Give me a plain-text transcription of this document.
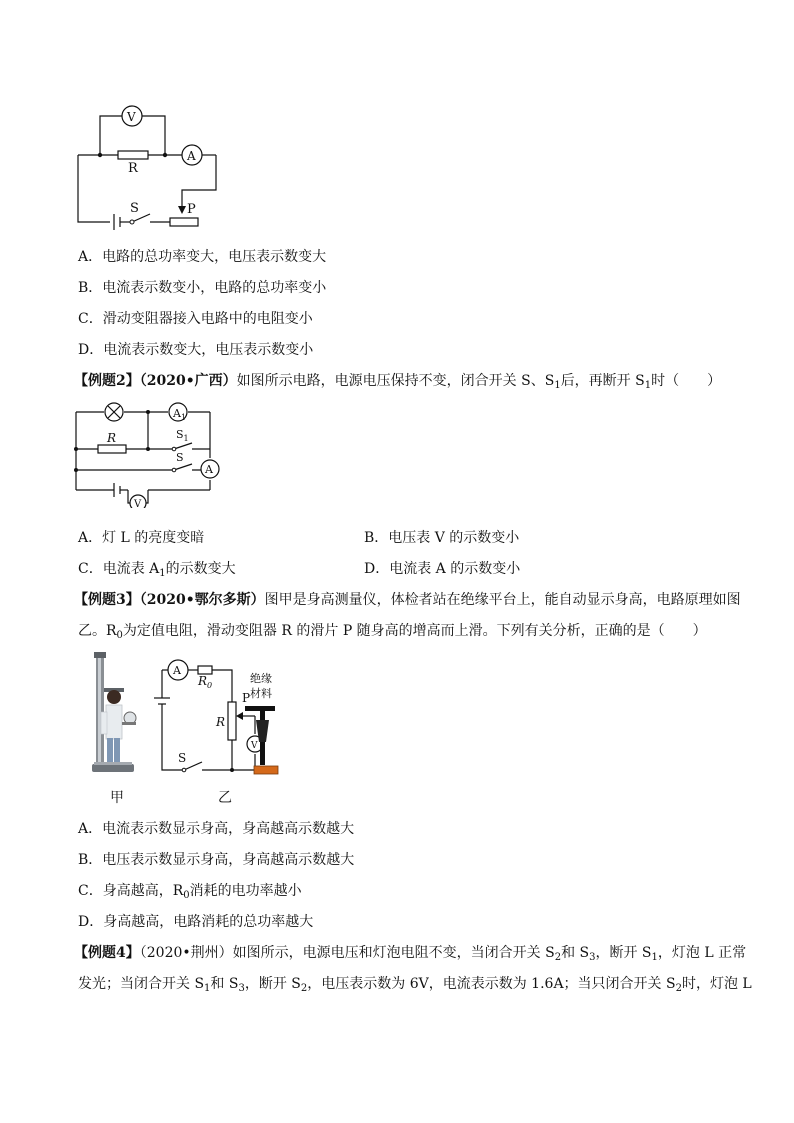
V
A
R
S	P
A．电路的总功率变大，电压表示数变大
B．电流表示数变小，电路的总功率变小
C．滑动变阻器接入电路中的电阻变小
D．电流表示数变大，电压表示数变小
【例题2】（2020•广西）如图所示电路，电源电压保持不变，闭合开关 S、$S_1$后，再断开 $S_1$时（　　）
$A_1$
R	$S_1$
S
A
V
A．灯 L 的亮度变暗	B．电压表 V 的示数变小
C．电流表 $A_1$的示数变大	D．电流表 A 的示数变小
【例题3】（2020•鄂尔多斯）图甲是身高测量仪，体检者站在绝缘平台上，能自动显示身高，电路原理如图
乙。$R_0$为定值电阻，滑动变阻器 R 的滑片 P 随身高的增高而上滑。下列有关分析，正确的是（　　）
甲
A
$R_0$
R
P
绝缘
材料
V
S
乙
A．电流表示数显示身高，身高越高示数越大
B．电压表示数显示身高，身高越高示数越大
C．身高越高，$R_0$消耗的电功率越小
D．身高越高，电路消耗的总功率越大
【例题4】（2020•荆州）如图所示，电源电压和灯泡电阻不变，当闭合开关 $S_2$和 $S_3$，断开 $S_1$，灯泡 L 正常
发光；当闭合开关 $S_1$和 $S_3$，断开 $S_2$，电压表示数为 6V，电流表示数为 1.6A；当只闭合开关 $S_2$时，灯泡 L
